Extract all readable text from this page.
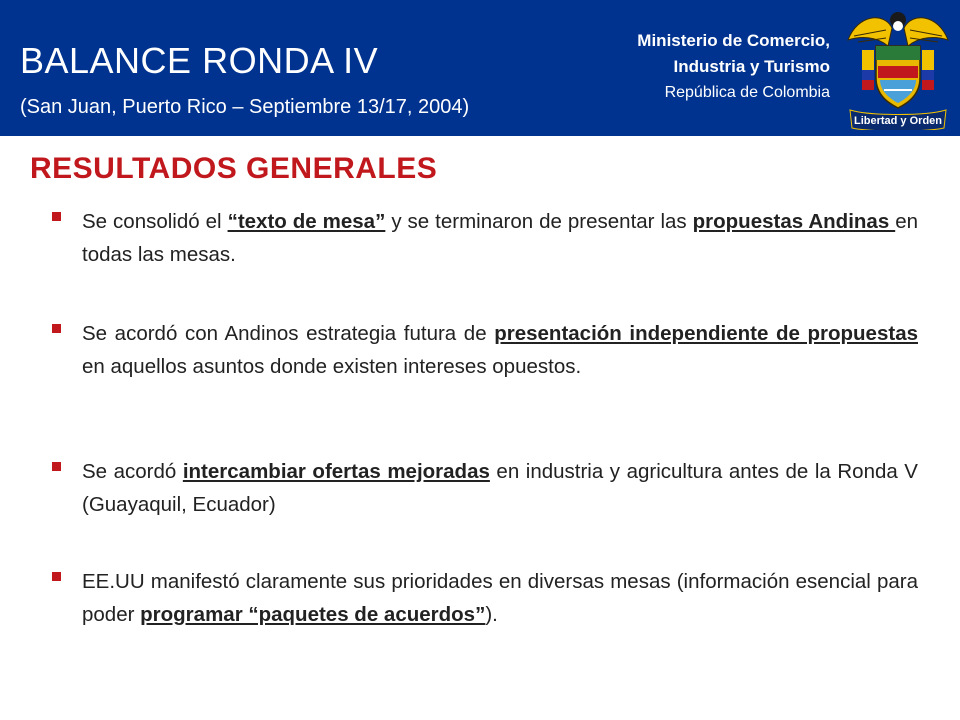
BALANCE RONDA IV
(San Juan, Puerto Rico – Septiembre 13/17, 2004)
Ministerio de Comercio,
Industria y Turismo
República de Colombia
Libertad y Orden
RESULTADOS GENERALES
Se consolidó el “texto de mesa” y se terminaron de presentar las propuestas Andinas en todas las mesas.
Se acordó con Andinos estrategia futura de presentación independiente de propuestas en aquellos asuntos donde existen intereses opuestos.
Se acordó intercambiar ofertas mejoradas en industria y agricultura antes de la Ronda V (Guayaquil, Ecuador)
EE.UU manifestó claramente sus prioridades en diversas mesas (información esencial para poder programar “paquetes de acuerdos”).
